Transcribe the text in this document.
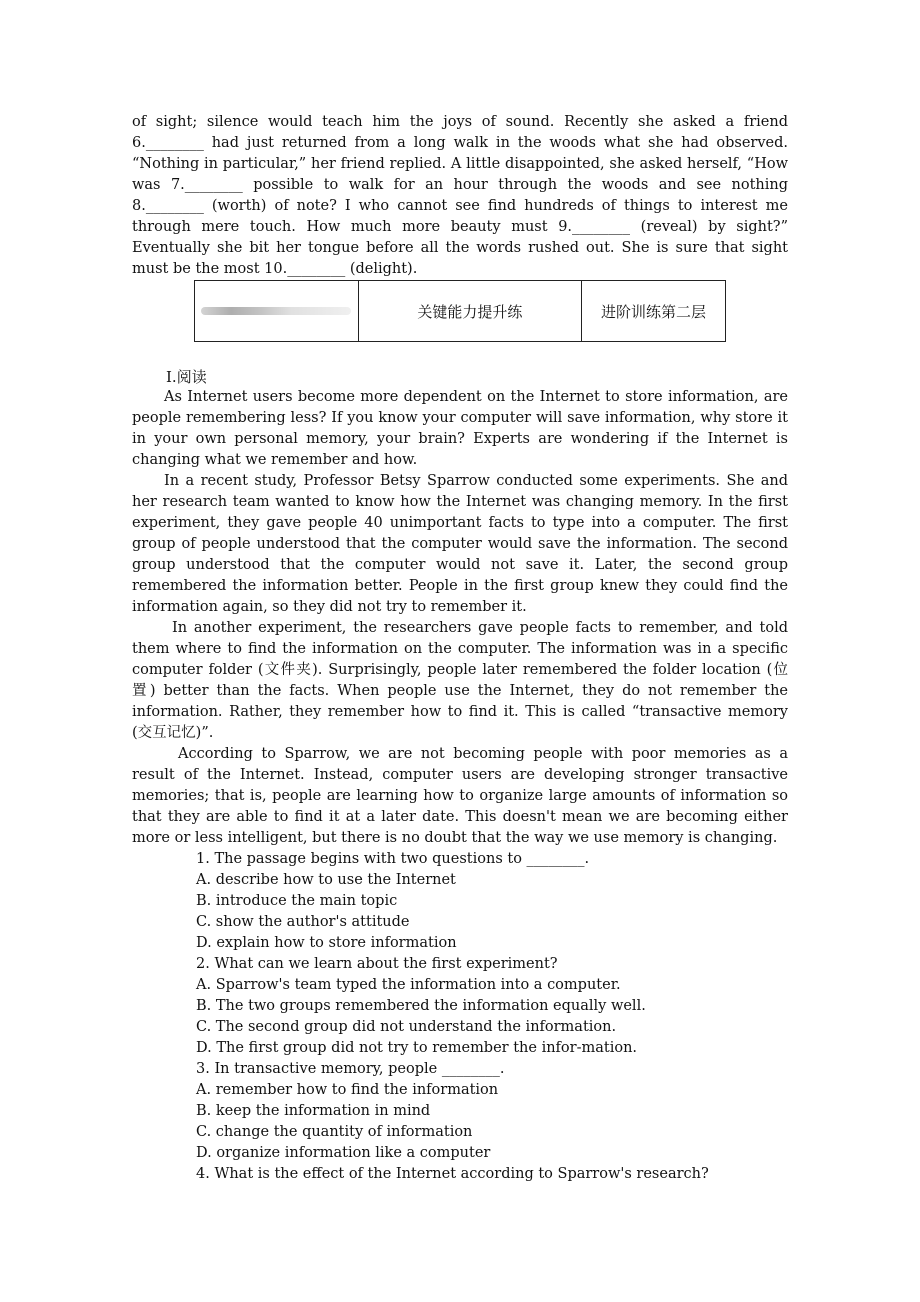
of sight; silence would teach him the joys of sound. Recently she asked a friend 6.________ had just returned from a long walk in the woods what she had observed. “Nothing in particular,” her friend replied. A little disappointed, she asked herself, “How was 7.________ possible to walk for an hour through the woods and see nothing 8.________ (worth) of note? I who cannot see find hundreds of things to interest me through mere touch. How much more beauty must 9.________ (reveal) by sight?” Eventually she bit her tongue before all the words rushed out. She is sure that sight must be the most 10.________ (delight).
关键能力提升练	进阶训练第二层
Ⅰ.阅读

As Internet users become more dependent on the Internet to store information, are people remembering less? If you know your computer will save information, why store it in your own personal memory, your brain? Experts are wondering if the Internet is changing what we remember and how.

In a recent study, Professor Betsy Sparrow conducted some experiments. She and her research team wanted to know how the Internet was changing memory. In the first experiment, they gave people 40 unimportant facts to type into a computer. The first group of people understood that the computer would save the information. The second group understood that the computer would not save it. Later, the second group remembered the information better. People in the first group knew they could find the information again, so they did not try to remember it.

In another experiment, the researchers gave people facts to remember, and told them where to find the information on the computer. The information was in a specific computer folder (文件夹). Surprisingly, people later remembered the folder location (位置) better than the facts. When people use the Internet, they do not remember the information. Rather, they remember how to find it. This is called “transactive memory (交互记忆)”.

According to Sparrow, we are not becoming people with poor memories as a result of the Internet. Instead, computer users are developing stronger transactive memories; that is, people are learning how to organize large amounts of information so that they are able to find it at a later date. This doesn't mean we are becoming either more or less intelligent, but there is no doubt that the way we use memory is changing.

1. The passage begins with two questions to ________.

A. describe how to use the Internet

B. introduce the main topic

C. show the author's attitude

D. explain how to store information

2. What can we learn about the first experiment?

A. Sparrow's team typed the information into a computer.

B. The two groups remembered the information equally well.

C. The second group did not understand the information.

D. The first group did not try to remember the infor-mation.

3. In transactive memory, people ________.

A. remember how to find the information

B. keep the information in mind

C. change the quantity of information

D. organize information like a computer

4. What is the effect of the Internet according to Sparrow's research?
